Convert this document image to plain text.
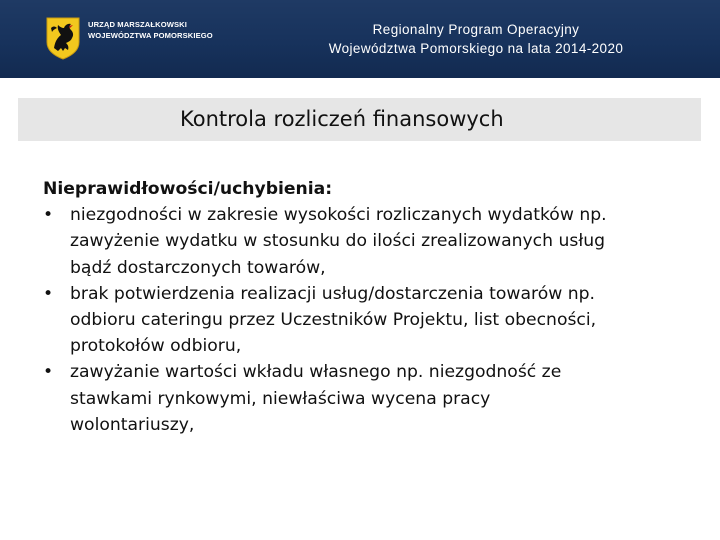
URZĄD MARSZAŁKOWSKI
WOJEWÓDZTWA POMORSKIEGO	Regionalny Program Operacyjny
Województwa Pomorskiego na lata 2014-2020
Kontrola rozliczeń finansowych
Nieprawidłowości/uchybienia:
• niezgodności w zakresie wysokości rozliczanych wydatków np.
zawyżenie wydatku w stosunku do ilości zrealizowanych usług
bądź dostarczonych towarów,
• brak potwierdzenia realizacji usług/dostarczenia towarów np.
odbioru cateringu przez Uczestników Projektu, list obecności,
protokołów odbioru,
• zawyżanie wartości wkładu własnego np. niezgodność ze
stawkami rynkowymi, niewłaściwa wycena pracy
wolontariuszy,
